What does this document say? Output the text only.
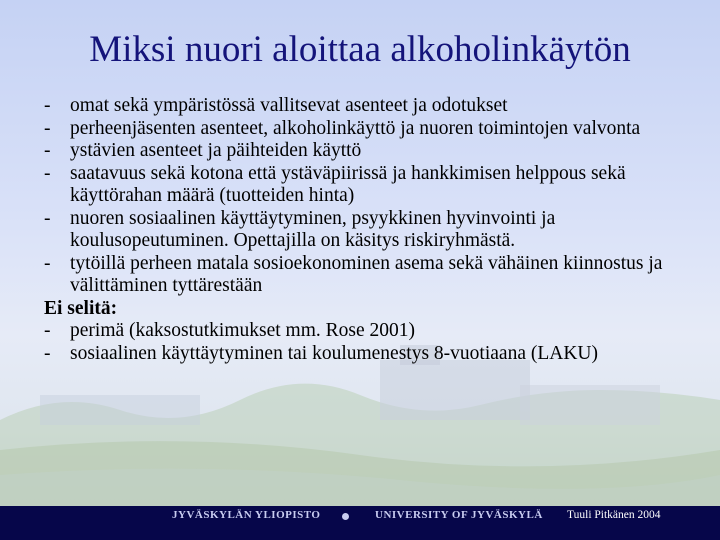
Miksi nuori aloittaa alkoholinkäytön
- omat sekä ympäristössä vallitsevat asenteet ja odotukset
- perheenjäsenten asenteet, alkoholinkäyttö ja nuoren toimintojen valvonta
- ystävien asenteet ja päihteiden käyttö
- saatavuus sekä kotona että ystäväpiirissä ja hankkimisen helppous sekä käyttörahan määrä (tuotteiden hinta)
- nuoren sosiaalinen käyttäytyminen, psyykkinen hyvinvointi ja koulusopeutuminen. Opettajilla on käsitys riskiryhmästä.
- tytöillä perheen matala sosioekonominen asema sekä vähäinen kiinnostus ja välittäminen tyttärestään
Ei selitä:
- perimä (kaksostutkimukset mm. Rose 2001)
- sosiaalinen käyttäytyminen tai koulumenestys 8-vuotiaana (LAKU)
JYVÄSKYLÄN YLIOPISTO	UNIVERSITY OF JYVÄSKYLÄ Tuuli Pitkänen 2004
